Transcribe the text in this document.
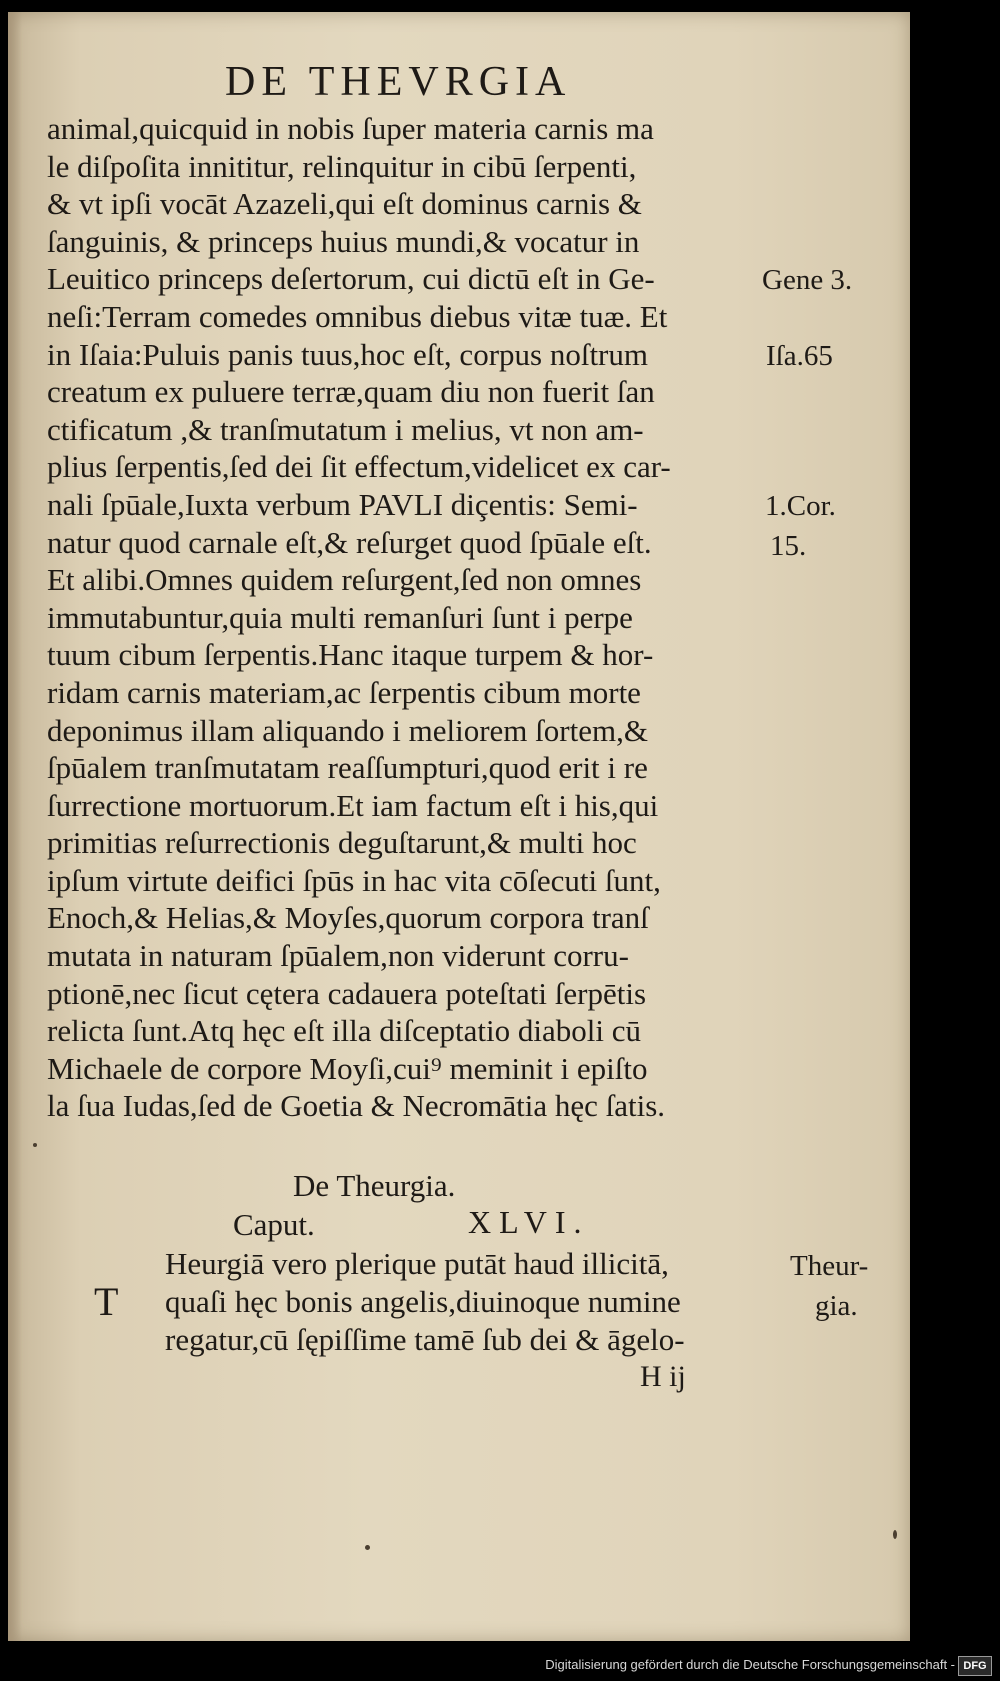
DE THEVRGIA
animal,quicquid in nobis ſuper materia carnis ma
le diſpoſita innititur, relinquitur in cibū ſerpenti,
& vt ipſi vocāt Azazeli,qui eſt dominus carnis &
ſanguinis, & princeps huius mundi,& vocatur in
Leuitico princeps deſertorum, cui dictū eſt in Ge-
neſi:Terram comedes omnibus diebus vitæ tuæ. Et
in Iſaia:Puluis panis tuus,hoc eſt, corpus noſtrum
creatum ex puluere terræ,quam diu non fuerit ſan
ctificatum ,& tranſmutatum i melius, vt non am-
plius ſerpentis,ſed dei ſit effectum,videlicet ex car-
nali ſpūale,Iuxta verbum PAVLI diçentis: Semi-
natur quod carnale eſt,& reſurget quod ſpūale eſt.
Et alibi.Omnes quidem reſurgent,ſed non omnes
immutabuntur,quia multi remanſuri ſunt i perpe
tuum cibum ſerpentis.Hanc itaque turpem & hor-
ridam carnis materiam,ac ſerpentis cibum morte
deponimus illam aliquando i meliorem ſortem,&
ſpūalem tranſmutatam reaſſumpturi,quod erit i re
ſurrectione mortuorum.Et iam factum eſt i his,qui
primitias reſurrectionis deguſtarunt,& multi hoc
ipſum virtute deifici ſpūs in hac vita cōſecuti ſunt,
Enoch,& Helias,& Moyſes,quorum corpora tranſ
mutata in naturam ſpūalem,non viderunt corru-
ptionē,nec ſicut cętera cadauera poteſtati ſerpētis
relicta ſunt.Atq hęc eſt illa diſceptatio diaboli cū
Michaele de corpore Moyſi,cui⁹ meminit i epiſto
la ſua Iudas,ſed de Goetia & Necromātia hęc ſatis.
Gene 3.
Iſa.65
1.Cor.
15.
De Theurgia.
Caput.	XLVI.
T
Heurgiā vero plerique putāt haud illicitā,
quaſi hęc bonis angelis,diuinoque numine
regatur,cū ſępiſſime tamē ſub dei & āgelo-
Theur-
gia.
H ij
Digitalisierung gefördert durch die Deutsche Forschungsgemeinschaft - DFG
